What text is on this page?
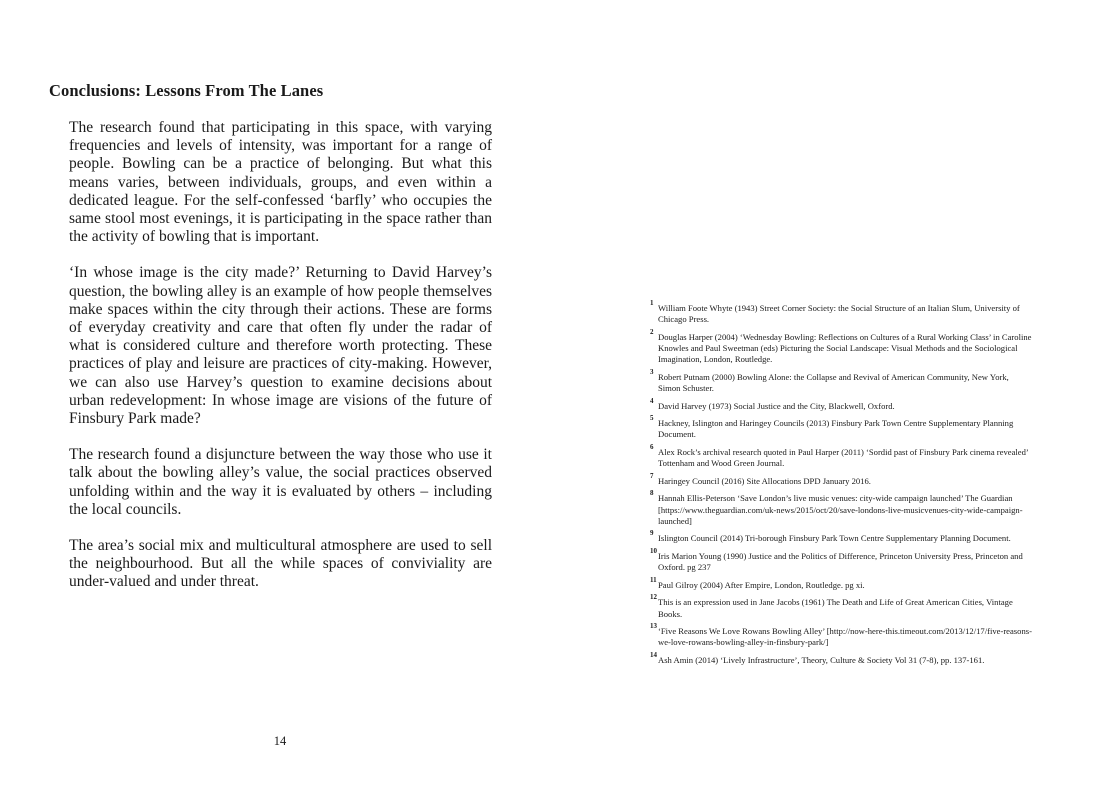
Conclusions: Lessons From The Lanes

The research found that participating in this space, with varying frequencies and levels of intensity, was important for a range of people. Bowling can be a practice of belonging. But what this means varies, between individuals, groups, and even within a dedicated league. For the self-confessed ‘barfly’ who occupies the same stool most evenings, it is participating in the space rather than the activity of bowling that is important.

‘In whose image is the city made?’ Returning to David Harvey’s question, the bowling alley is an example of how people themselves make spaces within the city through their actions. These are forms of everyday creativity and care that often fly under the radar of what is considered culture and therefore worth protecting. These practices of play and leisure are practices of city-making. However, we can also use Harvey’s question to examine decisions about urban redevelopment: In whose image are visions of the future of Finsbury Park made?

The research found a disjuncture between the way those who use it talk about the bowling alley’s value, the social practices observed unfolding within and the way it is evaluated by others – including the local councils.

The area’s social mix and multicultural atmosphere are used to sell the neighbourhood. But all the while spaces of conviviality are under-valued and under threat.

14
1 William Foote Whyte (1943) Street Corner Society: the Social Structure of an Italian Slum, University of Chicago Press.
2 Douglas Harper (2004) ‘Wednesday Bowling: Reflections on Cultures of a Rural Working Class’ in Caroline Knowles and Paul Sweetman (eds) Picturing the Social Landscape: Visual Methods and the Sociological Imagination, London, Routledge.
3 Robert Putnam (2000) Bowling Alone: the Collapse and Revival of American Community, New York, Simon Schuster.
4 David Harvey (1973) Social Justice and the City, Blackwell, Oxford.
5 Hackney, Islington and Haringey Councils (2013) Finsbury Park Town Centre Supplementary Planning Document.
6 Alex Rock’s archival research quoted in Paul Harper (2011) ‘Sordid past of Finsbury Park cinema revealed’ Tottenham and Wood Green Journal.
7 Haringey Council (2016) Site Allocations DPD January 2016.
8 Hannah Ellis-Peterson ‘Save London’s live music venues: city-wide campaign launched’ The Guardian [https://www.theguardian.com/uk-news/2015/oct/20/save-londons-live-musicvenues-city-wide-campaign-launched]
9 Islington Council (2014) Tri-borough Finsbury Park Town Centre Supplementary Planning Document.
10 Iris Marion Young (1990) Justice and the Politics of Difference, Princeton University Press, Princeton and Oxford. pg 237
11 Paul Gilroy (2004) After Empire, London, Routledge. pg xi.
12 This is an expression used in Jane Jacobs (1961) The Death and Life of Great American Cities, Vintage Books.
13 ‘Five Reasons We Love Rowans Bowling Alley’ [http://now-here-this.timeout.com/2013/12/17/five-reasons-we-love-rowans-bowling-alley-in-finsbury-park/]
14 Ash Amin (2014) ‘Lively Infrastructure’, Theory, Culture & Society Vol 31 (7-8), pp. 137-161.
